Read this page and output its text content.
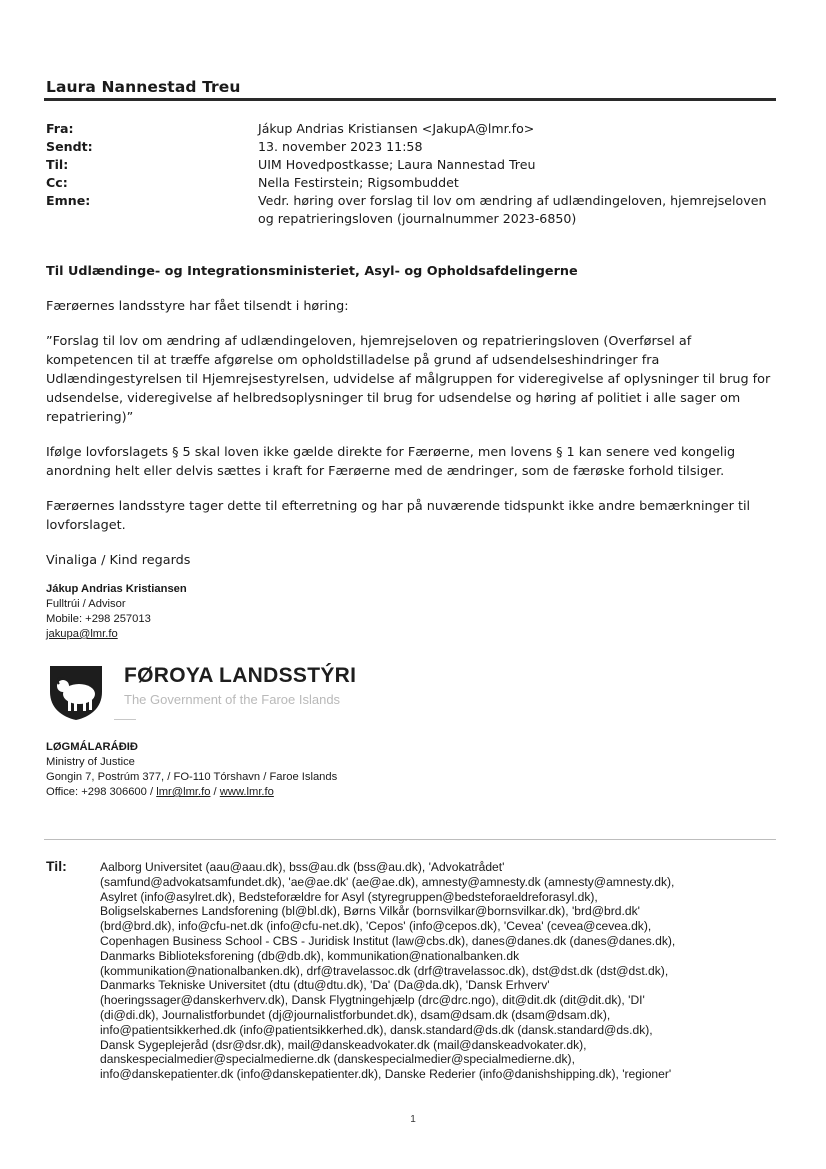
Laura Nannestad Treu
Fra:	Jákup Andrias Kristiansen <JakupA@lmr.fo>
Sendt:	13. november 2023 11:58
Til:	UIM Hovedpostkasse; Laura Nannestad Treu
Cc:	Nella Festirstein; Rigsombuddet
Emne:	Vedr. høring over forslag til lov om ændring af udlændingeloven, hjemrejseloven og repatrieringsloven (journalnummer 2023-6850)

Til Udlændinge- og Integrationsministeriet, Asyl- og Opholdsafdelingerne

Færøernes landsstyre har fået tilsendt i høring:

”Forslag til lov om ændring af udlændingeloven, hjemrejseloven og repatrieringsloven (Overførsel af kompetencen til at træffe afgørelse om opholdstilladelse på grund af udsendelseshindringer fra Udlændingestyrelsen til Hjemrejsestyrelsen, udvidelse af målgruppen for videregivelse af oplysninger til brug for udsendelse, videregivelse af helbredsoplysninger til brug for udsendelse og høring af politiet i alle sager om repatriering)”

Ifølge lovforslagets § 5 skal loven ikke gælde direkte for Færøerne, men lovens § 1 kan senere ved kongelig anordning helt eller delvis sættes i kraft for Færøerne med de ændringer, som de færøske forhold tilsiger.

Færøernes landsstyre tager dette til efterretning og har på nuværende tidspunkt ikke andre bemærkninger til lovforslaget.

Vinaliga / Kind regards

Jákup Andrias Kristiansen
Fulltrúi / Advisor
Mobile: +298 257013
jakupa@lmr.fo
FØROYA LANDSSTÝRI
The Government of the Faroe Islands
LØGMÁLARÁÐIÐ
Ministry of Justice
Gongin 7, Postrúm 377, / FO-110 Tórshavn / Faroe Islands
Office: +298 306600 / lmr@lmr.fo / www.lmr.fo
Til:	Aalborg Universitet (aau@aau.dk), bss@au.dk (bss@au.dk), 'Advokatrådet'
(samfund@advokatsamfundet.dk), 'ae@ae.dk' (ae@ae.dk), amnesty@amnesty.dk (amnesty@amnesty.dk),
Asylret (info@asylret.dk), Bedsteforældre for Asyl (styregruppen@bedsteforaeldreforasyl.dk),
Boligselskabernes Landsforening (bl@bl.dk), Børns Vilkår (bornsvilkar@bornsvilkar.dk), 'brd@brd.dk'
(brd@brd.dk), info@cfu-net.dk (info@cfu-net.dk), 'Cepos' (info@cepos.dk), 'Cevea' (cevea@cevea.dk),
Copenhagen Business School - CBS - Juridisk Institut (law@cbs.dk), danes@danes.dk (danes@danes.dk),
Danmarks Biblioteksforening (db@db.dk), kommunikation@nationalbanken.dk
(kommunikation@nationalbanken.dk), drf@travelassoc.dk (drf@travelassoc.dk), dst@dst.dk (dst@dst.dk),
Danmarks Tekniske Universitet (dtu (dtu@dtu.dk), 'Da' (Da@da.dk), 'Dansk Erhverv'
(hoeringssager@danskerhverv.dk), Dansk Flygtningehjælp (drc@drc.ngo), dit@dit.dk (dit@dit.dk), 'DI'
(di@di.dk), Journalistforbundet (dj@journalistforbundet.dk), dsam@dsam.dk (dsam@dsam.dk),
info@patientsikkerhed.dk (info@patientsikkerhed.dk), dansk.standard@ds.dk (dansk.standard@ds.dk),
Dansk Sygeplejeråd (dsr@dsr.dk), mail@danskeadvokater.dk (mail@danskeadvokater.dk),
danskespecialmedier@specialmedierne.dk (danskespecialmedier@specialmedierne.dk),
info@danskepatienter.dk (info@danskepatienter.dk), Danske Rederier (info@danishshipping.dk), 'regioner'
1
